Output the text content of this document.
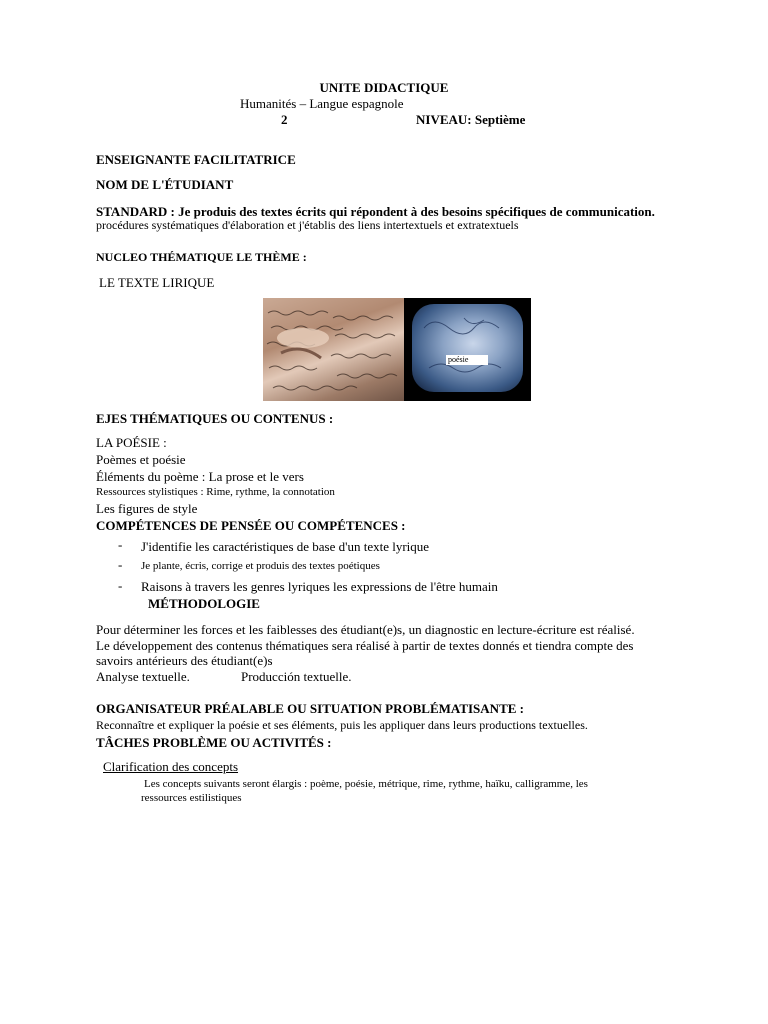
UNITE DIDACTIQUE
Humanités – Langue espagnole
2	NIVEAU: Septième
ENSEIGNANTE FACILITATRICE
NOM DE L'ÉTUDIANT
STANDARD : Je produis des textes écrits qui répondent à des besoins spécifiques de communication.
procédures systématiques d'élaboration et j'établis des liens intertextuels et extratextuels
NUCLEO THÉMATIQUE LE THÈME :
LE TEXTE LIRIQUE
poésie
EJES THÉMATIQUES OU CONTENUS :
LA POÉSIE :
Poèmes et poésie
Éléments du poème : La prose et le vers
Ressources stylistiques : Rime, rythme, la connotation
Les figures de style
COMPÉTENCES DE PENSÉE OU COMPÉTENCES :
- J'identifie les caractéristiques de base d'un texte lyrique
- Je plante, écris, corrige et produis des textes poétiques
- Raisons à travers les genres lyriques les expressions de l'être humain
MÉTHODOLOGIE
Pour déterminer les forces et les faiblesses des étudiant(e)s, un diagnostic en lecture-écriture est réalisé.
Le développement des contenus thématiques sera réalisé à partir de textes donnés et tiendra compte des
savoirs antérieurs des étudiant(e)s
Analyse textuelle.	Producción textuelle.
ORGANISATEUR PRÉALABLE OU SITUATION PROBLÉMATISANTE :
Reconnaître et expliquer la poésie et ses éléments, puis les appliquer dans leurs productions textuelles.
TÂCHES PROBLÈME OU ACTIVITÉS :
Clarification des concepts
Les concepts suivants seront élargis : poème, poésie, métrique, rime, rythme, haïku, calligramme, les
ressources estilistiques
